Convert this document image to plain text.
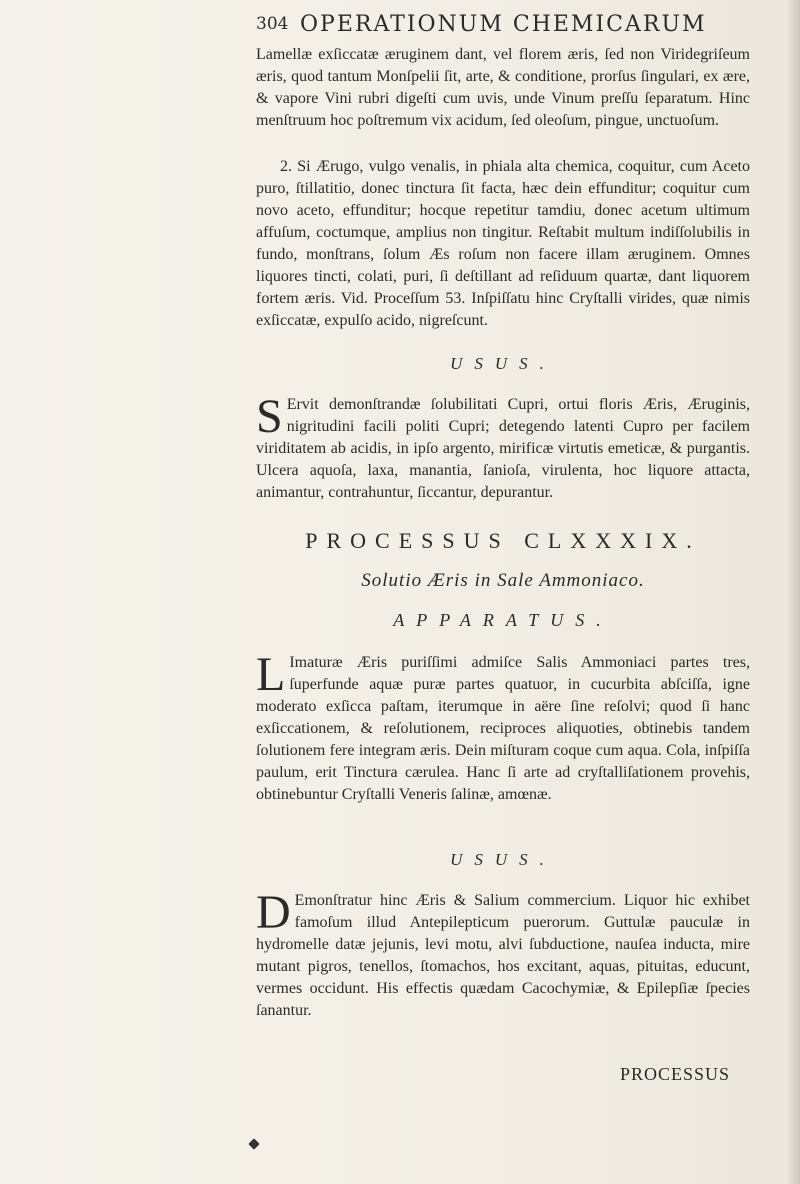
304 OPERATIONUM CHEMICARUM
Lamellæ exſiccatæ æruginem dant, vel florem æris, ſed non Viridegriſeum æris, quod tantum Monſpelii ſit, arte, & conditione, prorſus ſingulari, ex ære, & vapore Vini rubri digeſti cum uvis, unde Vinum preſſu ſeparatum. Hinc menſtruum hoc poſtremum vix acidum, ſed oleoſum, pingue, unctuoſum.
2. Si Ærugo, vulgo venalis, in phiala alta chemica, coquitur, cum Aceto puro, ſtillatitio, donec tinctura ſit facta, hæc dein effunditur; coquitur cum novo aceto, effunditur; hocque repetitur tamdiu, donec acetum ultimum affuſum, coctumque, amplius non tingitur. Reſtabit multum indiſſolubilis in fundo, monſtrans, ſolum Æs roſum non facere illam æruginem. Omnes liquores tincti, colati, puri, ſi deſtillant ad reſiduum quartæ, dant liquorem fortem æris. Vid. Proceſſum 53. Inſpiſſatu hinc Cryſtalli virides, quæ nimis exſiccatæ, expulſo acido, nigreſcunt.
USUS.
S Ervit demonſtrandæ ſolubilitati Cupri, ortui floris Æris, Æruginis, nigritudini facili politi Cupri; detegendo latenti Cupro per facilem viriditatem ab acidis, in ipſo argento, mirificæ virtutis emeticæ, & purgantis. Ulcera aquoſa, laxa, manantia, ſanioſa, virulenta, hoc liquore attacta, animantur, contrahuntur, ſiccantur, depurantur.
PROCESSUS CLXXXIX.
Solutio Æris in Sale Ammoniaco.
APPARATUS.
L Imaturæ Æris puriſſimi admiſce Salis Ammoniaci partes tres, ſuperfunde aquæ puræ partes quatuor, in cucurbita abſciſſa, igne moderato exſicca paſtam, iterumque in aëre ſine reſolvi; quod ſi hanc exſiccationem, & reſolutionem, reciproces aliquoties, obtinebis tandem ſolutionem fere integram æris. Dein miſturam coque cum aqua. Cola, inſpiſſa paulum, erit Tinctura cærulea. Hanc ſi arte ad cryſtalliſationem provehis, obtinebuntur Cryſtalli Veneris ſalinæ, amœnæ.
USUS.
D Emonſtratur hinc Æris & Salium commercium. Liquor hic exhibet famoſum illud Antepilepticum puerorum. Guttulæ pauculæ in hydromelle datæ jejunis, levi motu, alvi ſubductione, nauſea inducta, mire mutant pigros, tenellos, ſtomachos, hos excitant, aquas, pituitas, educunt, vermes occidunt. His effectis quædam Cacochymiæ, & Epilepſiæ ſpecies ſanantur.
PROCESSUS
